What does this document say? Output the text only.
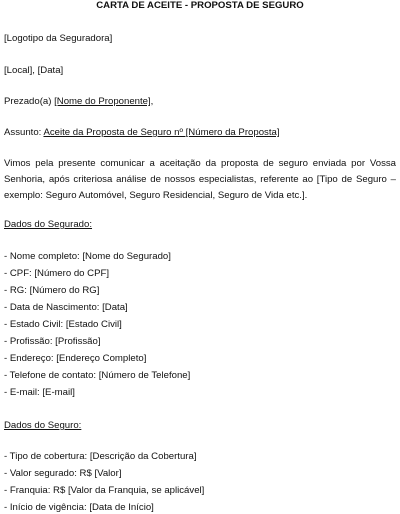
CARTA DE ACEITE - PROPOSTA DE SEGURO
[Logotipo da Seguradora]
[Local], [Data]
Prezado(a) [Nome do Proponente],
Assunto: Aceite da Proposta de Seguro nº [Número da Proposta]
Vimos pela presente comunicar a aceitação da proposta de seguro enviada por Vossa
Senhoria, após criteriosa análise de nossos especialistas, referente ao [Tipo de Seguro –
exemplo: Seguro Automóvel, Seguro Residencial, Seguro de Vida etc.].
Dados do Segurado:
- Nome completo: [Nome do Segurado]
- CPF: [Número do CPF]
- RG: [Número do RG]
- Data de Nascimento: [Data]
- Estado Civil: [Estado Civil]
- Profissão: [Profissão]
- Endereço: [Endereço Completo]
- Telefone de contato: [Número de Telefone]
- E-mail: [E-mail]
Dados do Seguro:
- Tipo de cobertura: [Descrição da Cobertura]
- Valor segurado: R$ [Valor]
- Franquia: R$ [Valor da Franquia, se aplicável]
- Início de vigência: [Data de Início]
